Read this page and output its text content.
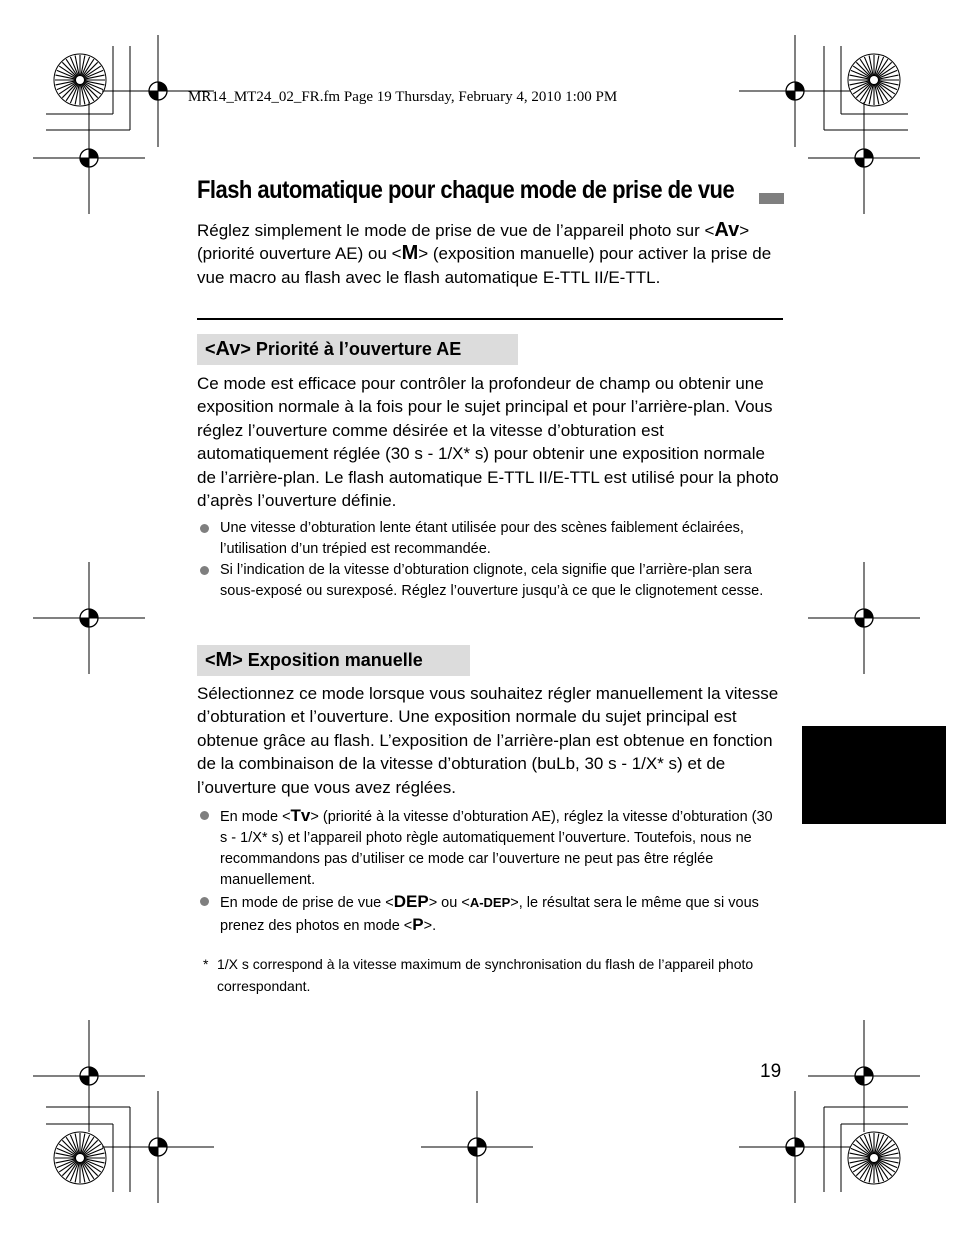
MR14_MT24_02_FR.fm Page 19 Thursday, February 4, 2010 1:00 PM
Flash automatique pour chaque mode de prise de vue
Réglez simplement le mode de prise de vue de l’appareil photo sur <Av> (priorité ouverture AE) ou <M> (exposition manuelle) pour activer la prise de vue macro au flash avec le flash automatique E-TTL II/E-TTL.
<Av> Priorité à l’ouverture AE
Ce mode est efficace pour contrôler la profondeur de champ ou obtenir une exposition normale à la fois pour le sujet principal et pour l’arrière-plan. Vous réglez l’ouverture comme désirée et la vitesse d’obturation est automatiquement réglée (30 s - 1/X* s) pour obtenir une exposition normale de l’arrière-plan. Le flash automatique E-TTL II/E-TTL est utilisé pour la photo d’après l’ouverture définie.
Une vitesse d’obturation lente étant utilisée pour des scènes faiblement éclairées, l’utilisation d’un trépied est recommandée.
Si l’indication de la vitesse d’obturation clignote, cela signifie que l’arrière-plan sera sous-exposé ou surexposé. Réglez l’ouverture jusqu’à ce que le clignotement cesse.
<M> Exposition manuelle
Sélectionnez ce mode lorsque vous souhaitez régler manuellement la vitesse d’obturation et l’ouverture. Une exposition normale du sujet principal est obtenue grâce au flash. L’exposition de l’arrière-plan est obtenue en fonction de la combinaison de la vitesse d’obturation (buLb, 30 s - 1/X* s) et de l’ouverture que vous avez réglées.
En mode <Tv> (priorité à la vitesse d’obturation AE), réglez la vitesse d’obturation (30 s - 1/X* s) et l’appareil photo règle automatiquement l’ouverture. Toutefois, nous ne recommandons pas d’utiliser ce mode car l’ouverture ne peut pas être réglée manuellement.
En mode de prise de vue <DEP> ou <A-DEP>, le résultat sera le même que si vous prenez des photos en mode <P>.
* 1/X s correspond à la vitesse maximum de synchronisation du flash de l’appareil photo correspondant.
19
